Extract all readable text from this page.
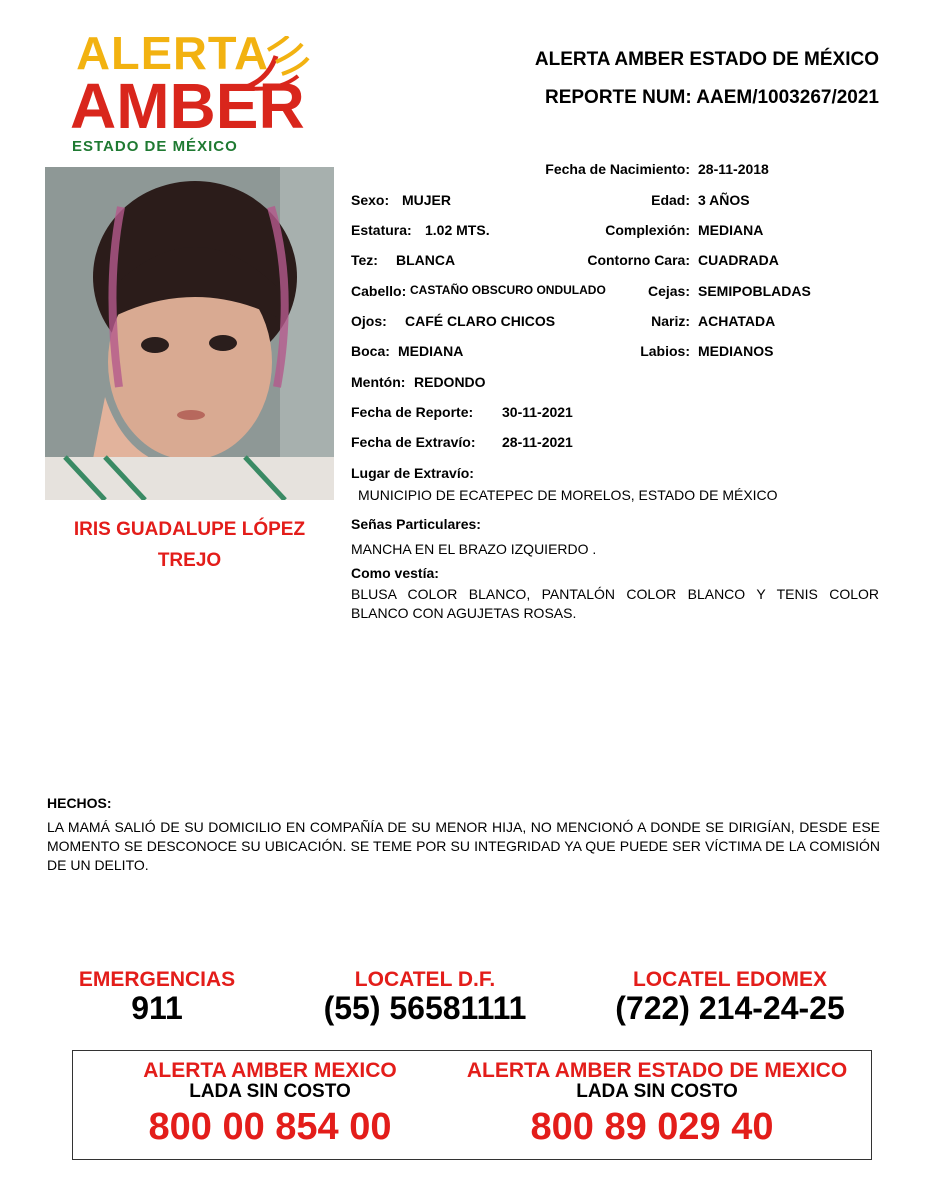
ALERTA
AMBER
ESTADO DE MÉXICO
ALERTA AMBER ESTADO DE MÉXICO
REPORTE NUM: AAEM/1003267/2021
IRIS GUADALUPE LÓPEZ
TREJO
Fecha de Nacimiento: 28-11-2018
Sexo: MUJER	Edad: 3 AÑOS
Estatura: 1.02 MTS.	Complexión: MEDIANA
Tez: BLANCA	Contorno Cara: CUADRADA
Cabello: CASTAÑO OBSCURO ONDULADO	Cejas: SEMIPOBLADAS
Ojos: CAFÉ CLARO CHICOS	Nariz: ACHATADA
Boca: MEDIANA	Labios: MEDIANOS
Mentón: REDONDO
Fecha de Reporte: 30-11-2021
Fecha de Extravío: 28-11-2021
Lugar de Extravío:
MUNICIPIO DE ECATEPEC DE MORELOS, ESTADO DE MÉXICO
Señas Particulares:
MANCHA EN EL BRAZO IZQUIERDO .
Como vestía:
BLUSA COLOR BLANCO, PANTALÓN COLOR BLANCO Y TENIS COLOR BLANCO CON AGUJETAS ROSAS.
HECHOS:
LA MAMÁ SALIÓ DE SU DOMICILIO EN COMPAÑÍA DE SU MENOR HIJA, NO MENCIONÓ A DONDE SE DIRIGÍAN, DESDE ESE MOMENTO SE DESCONOCE SU UBICACIÓN. SE TEME POR SU INTEGRIDAD YA QUE PUEDE SER VÍCTIMA DE LA COMISIÓN DE UN DELITO.
EMERGENCIAS
911
LOCATEL D.F.
(55) 56581111
LOCATEL EDOMEX
(722) 214-24-25
ALERTA AMBER MEXICO
LADA SIN COSTO
800 00 854 00
ALERTA AMBER ESTADO DE MEXICO
LADA SIN COSTO
800 89 029 40
